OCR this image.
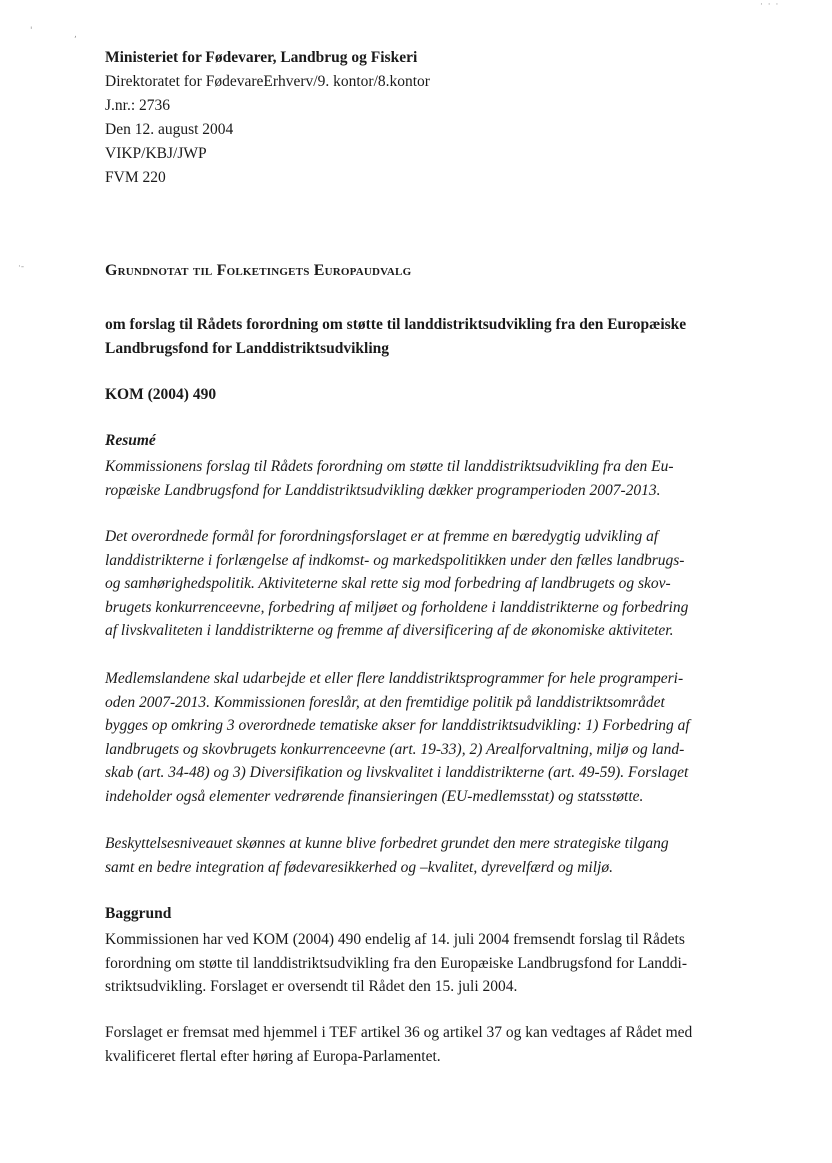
'	,
·-
· · ·
Ministeriet for Fødevarer, Landbrug og Fiskeri
Direktoratet for FødevareErhverv/9. kontor/8.kontor
J.nr.: 2736
Den 12. august 2004
VIKP/KBJ/JWP
FVM 220
Grundnotat til Folketingets Europaudvalg
om forslag til Rådets forordning om støtte til landdistriktsudvikling fra den Europæiske
Landbrugsfond for Landdistriktsudvikling
KOM (2004) 490
Resumé
Kommissionens forslag til Rådets forordning om støtte til landdistriktsudvikling fra den Eu-
ropæiske Landbrugsfond for Landdistriktsudvikling dækker programperioden 2007-2013.
Det overordnede formål for forordningsforslaget er at fremme en bæredygtig udvikling af
landdistrikterne i forlængelse af indkomst- og markedspolitikken under den fælles landbrugs-
og samhørighedspolitik. Aktiviteterne skal rette sig mod forbedring af landbrugets og skov-
brugets konkurrenceevne, forbedring af miljøet og forholdene i landdistrikterne og forbedring
af livskvaliteten i landdistrikterne og fremme af diversificering af de økonomiske aktiviteter.
Medlemslandene skal udarbejde et eller flere landdistriktsprogrammer for hele programperi-
oden 2007-2013. Kommissionen foreslår, at den fremtidige politik på landdistriktsområdet
bygges op omkring 3 overordnede tematiske akser for landdistriktsudvikling: 1) Forbedring af
landbrugets og skovbrugets konkurrenceevne (art. 19-33), 2) Arealforvaltning, miljø og land-
skab (art. 34-48) og 3) Diversifikation og livskvalitet i landdistrikterne (art. 49-59). Forslaget
indeholder også elementer vedrørende finansieringen (EU-medlemsstat) og statsstøtte.
Beskyttelsesniveauet skønnes at kunne blive forbedret grundet den mere strategiske tilgang
samt en bedre integration af fødevaresikkerhed og –kvalitet, dyrevelfærd og miljø.
Baggrund
Kommissionen har ved KOM (2004) 490 endelig af 14. juli 2004 fremsendt forslag til Rådets
forordning om støtte til landdistriktsudvikling fra den Europæiske Landbrugsfond for Landdi-
striktsudvikling. Forslaget er oversendt til Rådet den 15. juli 2004.
Forslaget er fremsat med hjemmel i TEF artikel 36 og artikel 37 og kan vedtages af Rådet med
kvalificeret flertal efter høring af Europa-Parlamentet.
